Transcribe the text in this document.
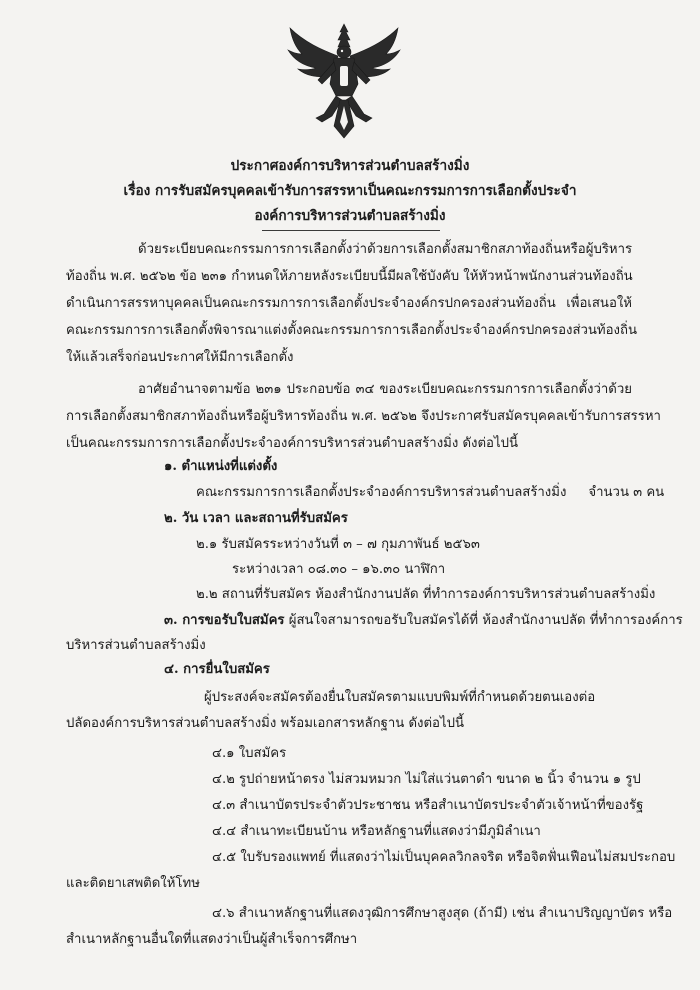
ประกาศองค์การบริหารส่วนตำบลสร้างมิ่ง
เรื่อง การรับสมัครบุคคลเข้ารับการสรรหาเป็นคณะกรรมการการเลือกตั้งประจำ
องค์การบริหารส่วนตำบลสร้างมิ่ง
ด้วยระเบียบคณะกรรมการการเลือกตั้งว่าด้วยการเลือกตั้งสมาชิกสภาท้องถิ่นหรือผู้บริหาร
ท้องถิ่น พ.ศ. ๒๕๖๒ ข้อ ๒๓๑ กำหนดให้ภายหลังระเบียบนี้มีผลใช้บังคับ ให้หัวหน้าพนักงานส่วนท้องถิ่น
ดำเนินการสรรหาบุคคลเป็นคณะกรรมการการเลือกตั้งประจำองค์กรปกครองส่วนท้องถิ่น เพื่อเสนอให้
คณะกรรมการการเลือกตั้งพิจารณาแต่งตั้งคณะกรรมการการเลือกตั้งประจำองค์กรปกครองส่วนท้องถิ่น
ให้แล้วเสร็จก่อนประกาศให้มีการเลือกตั้ง
อาศัยอำนาจตามข้อ ๒๓๑ ประกอบข้อ ๓๔ ของระเบียบคณะกรรมการการเลือกตั้งว่าด้วย
การเลือกตั้งสมาชิกสภาท้องถิ่นหรือผู้บริหารท้องถิ่น พ.ศ. ๒๕๖๒ จึงประกาศรับสมัครบุคคลเข้ารับการสรรหา
เป็นคณะกรรมการการเลือกตั้งประจำองค์การบริหารส่วนตำบลสร้างมิ่ง ดังต่อไปนี้
๑. ตำแหน่งที่แต่งตั้ง
คณะกรรมการการเลือกตั้งประจำองค์การบริหารส่วนตำบลสร้างมิ่ง จำนวน ๓ คน
๒. วัน เวลา และสถานที่รับสมัคร
๒.๑ รับสมัครระหว่างวันที่ ๓ – ๗ กุมภาพันธ์ ๒๕๖๓
ระหว่างเวลา ๐๘.๓๐ – ๑๖.๓๐ นาฬิกา
๒.๒ สถานที่รับสมัคร ห้องสำนักงานปลัด ที่ทำการองค์การบริหารส่วนตำบลสร้างมิ่ง
๓. การขอรับใบสมัคร ผู้สนใจสามารถขอรับใบสมัครได้ที่ ห้องสำนักงานปลัด ที่ทำการองค์การ
บริหารส่วนตำบลสร้างมิ่ง
๔. การยื่นใบสมัคร
ผู้ประสงค์จะสมัครต้องยื่นใบสมัครตามแบบพิมพ์ที่กำหนดด้วยตนเองต่อ
ปลัดองค์การบริหารส่วนตำบลสร้างมิ่ง พร้อมเอกสารหลักฐาน ดังต่อไปนี้
๔.๑ ใบสมัคร
๔.๒ รูปถ่ายหน้าตรง ไม่สวมหมวก ไม่ใส่แว่นตาดำ ขนาด ๒ นิ้ว จำนวน ๑ รูป
๔.๓ สำเนาบัตรประจำตัวประชาชน หรือสำเนาบัตรประจำตัวเจ้าหน้าที่ของรัฐ
๔.๔ สำเนาทะเบียนบ้าน หรือหลักฐานที่แสดงว่ามีภูมิลำเนา
๔.๕ ใบรับรองแพทย์ ที่แสดงว่าไม่เป็นบุคคลวิกลจริต หรือจิตฟั่นเฟือนไม่สมประกอบ
และติดยาเสพติดให้โทษ
๔.๖ สำเนาหลักฐานที่แสดงวุฒิการศึกษาสูงสุด (ถ้ามี) เช่น สำเนาปริญญาบัตร หรือ
สำเนาหลักฐานอื่นใดที่แสดงว่าเป็นผู้สำเร็จการศึกษา
